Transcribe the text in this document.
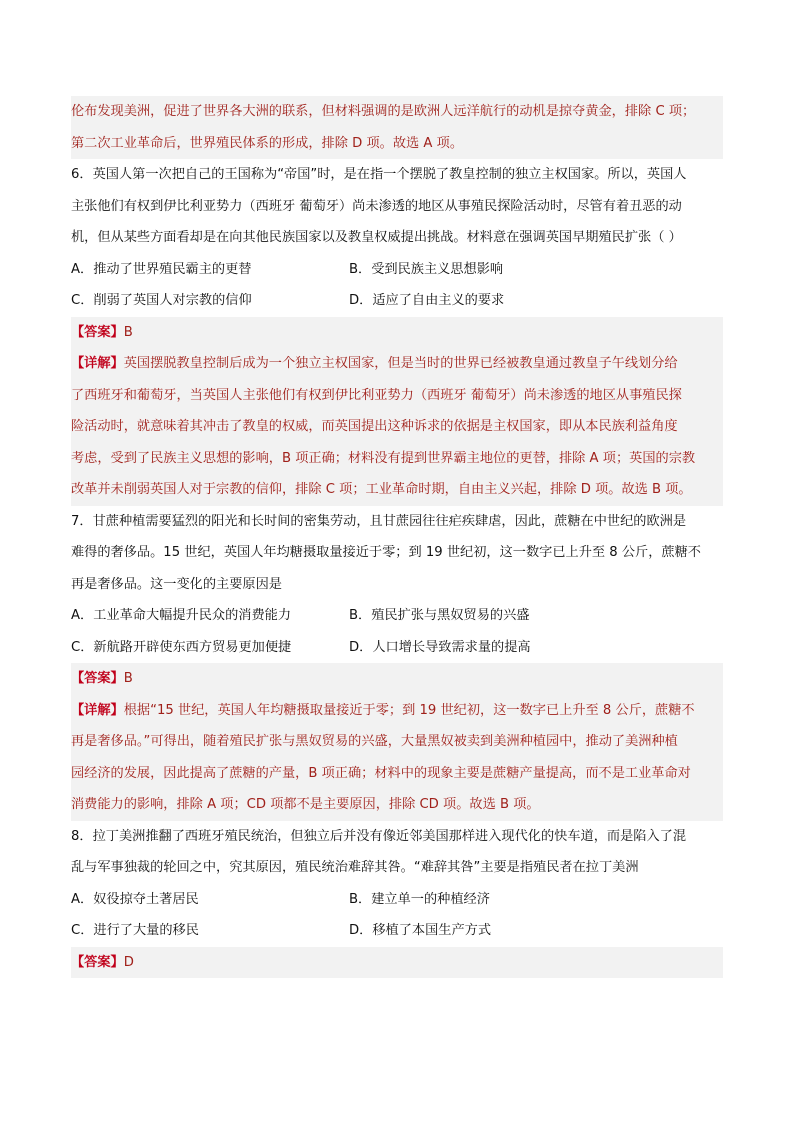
伦布发现美洲，促进了世界各大洲的联系，但材料强调的是欧洲人远洋航行的动机是掠夺黄金，排除 C 项；
第二次工业革命后，世界殖民体系的形成，排除 D 项。故选 A 项。
6．英国人第一次把自己的王国称为“帝国”时，是在指一个摆脱了教皇控制的独立主权国家。所以，英国人
主张他们有权到伊比利亚势力（西班牙 葡萄牙）尚未渗透的地区从事殖民探险活动时，尽管有着丑恶的动
机，但从某些方面看却是在向其他民族国家以及教皇权威提出挑战。材料意在强调英国早期殖民扩张（ ）
A．推动了世界殖民霸主的更替	B．受到民族主义思想影响
C．削弱了英国人对宗教的信仰	D．适应了自由主义的要求
【答案】B
【详解】英国摆脱教皇控制后成为一个独立主权国家，但是当时的世界已经被教皇通过教皇子午线划分给
了西班牙和葡萄牙，当英国人主张他们有权到伊比利亚势力（西班牙 葡萄牙）尚未渗透的地区从事殖民探
险活动时，就意味着其冲击了教皇的权威，而英国提出这种诉求的依据是主权国家，即从本民族利益角度
考虑，受到了民族主义思想的影响，B 项正确；材料没有提到世界霸主地位的更替，排除 A 项；英国的宗教
改革并未削弱英国人对于宗教的信仰，排除 C 项；工业革命时期，自由主义兴起，排除 D 项。故选 B 项。
7．甘蔗种植需要猛烈的阳光和长时间的密集劳动，且甘蔗园往往疟疾肆虐，因此，蔗糖在中世纪的欧洲是
难得的奢侈品。15 世纪，英国人年均糖摄取量接近于零；到 19 世纪初，这一数字已上升至 8 公斤，蔗糖不
再是奢侈品。这一变化的主要原因是
A．工业革命大幅提升民众的消费能力	B．殖民扩张与黑奴贸易的兴盛
C．新航路开辟使东西方贸易更加便捷	D．人口增长导致需求量的提高
【答案】B
【详解】根据“15 世纪，英国人年均糖摄取量接近于零；到 19 世纪初，这一数字已上升至 8 公斤，蔗糖不
再是奢侈品。”可得出，随着殖民扩张与黑奴贸易的兴盛，大量黑奴被卖到美洲种植园中，推动了美洲种植
园经济的发展，因此提高了蔗糖的产量，B 项正确；材料中的现象主要是蔗糖产量提高，而不是工业革命对
消费能力的影响，排除 A 项；CD 项都不是主要原因，排除 CD 项。故选 B 项。
8．拉丁美洲推翻了西班牙殖民统治，但独立后并没有像近邻美国那样进入现代化的快车道，而是陷入了混
乱与军事独裁的轮回之中，究其原因，殖民统治难辞其咎。“难辞其咎”主要是指殖民者在拉丁美洲
A．奴役掠夺土著居民	B．建立单一的种植经济
C．进行了大量的移民	D．移植了本国生产方式
【答案】D
